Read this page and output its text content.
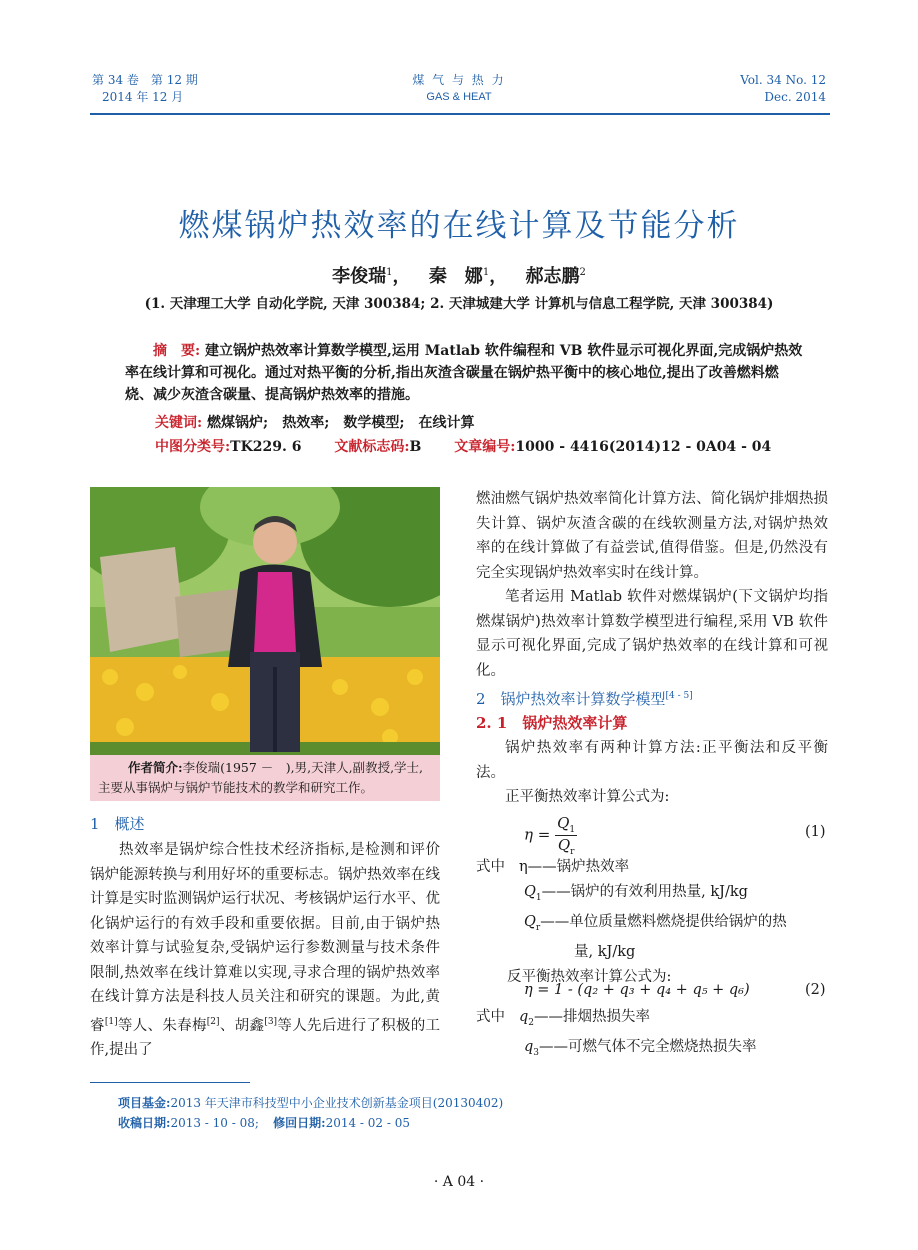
第 34 卷　第 12 期
2014 年 12 月
煤 气 与 热 力
GAS & HEAT
Vol. 34 No. 12
Dec. 2014
燃煤锅炉热效率的在线计算及节能分析
李俊瑞$^1$， 秦　娜$^1$， 郝志鹏$^2$
(1. 天津理工大学 自动化学院, 天津 300384; 2. 天津城建大学 计算机与信息工程学院, 天津 300384)
摘　要: 建立锅炉热效率计算数学模型,运用 Matlab 软件编程和 VB 软件显示可视化界面,完成锅炉热效率在线计算和可视化。通过对热平衡的分析,指出灰渣含碳量在锅炉热平衡中的核心地位,提出了改善燃料燃烧、减少灰渣含碳量、提高锅炉热效率的措施。
关键词: 燃煤锅炉;　热效率;　数学模型;　在线计算
中图分类号:TK229. 6 文献标志码:B 文章编号:1000 - 4416(2014)12 - 0A04 - 04
作者简介:李俊瑞(1957 －　),男,天津人,副教授,学士,主要从事锅炉与锅炉节能技术的教学和研究工作。
1　概述

热效率是锅炉综合性技术经济指标,是检测和评价锅炉能源转换与利用好坏的重要标志。锅炉热效率在线计算是实时监测锅炉运行状况、考核锅炉运行水平、优化锅炉运行的有效手段和重要依据。目前,由于锅炉热效率计算与试验复杂,受锅炉运行参数测量与技术条件限制,热效率在线计算难以实现,寻求合理的锅炉热效率在线计算方法是科技人员关注和研究的课题。为此,黄睿[1]等人、朱春梅[2]、胡鑫[3]等人先后进行了积极的工作,提出了

燃油燃气锅炉热效率简化计算方法、简化锅炉排烟热损失计算、锅炉灰渣含碳的在线软测量方法,对锅炉热效率的在线计算做了有益尝试,值得借鉴。但是,仍然没有完全实现锅炉热效率实时在线计算。

笔者运用 Matlab 软件对燃煤锅炉(下文锅炉均指燃煤锅炉)热效率计算数学模型进行编程,采用 VB 软件显示可视化界面,完成了锅炉热效率的在线计算和可视化。

2　锅炉热效率计算数学模型[4 - 5]
2. 1　锅炉热效率计算

锅炉热效率有两种计算方法:正平衡法和反平衡法。

正平衡热效率计算公式为:

$\eta = \frac{Q_1}{Q_r}$	(1)
式中 η——锅炉热效率
$Q_1——$锅炉的有效利用热量, kJ/kg
$Q_r——$单位质量燃料燃烧提供给锅炉的热
量, kJ/kg

反平衡热效率计算公式为:

η = 1 - (q₂ + q₃ + q₄ + q₅ + q₆)	(2)
式中 $q_2——$排烟热损失率
$q_3——$可燃气体不完全燃烧热损失率
项目基金:2013 年天津市科技型中小企业技术创新基金项目(20130402)
收稿日期:2013 - 10 - 08; 修回日期:2014 - 02 - 05
· A 04 ·
